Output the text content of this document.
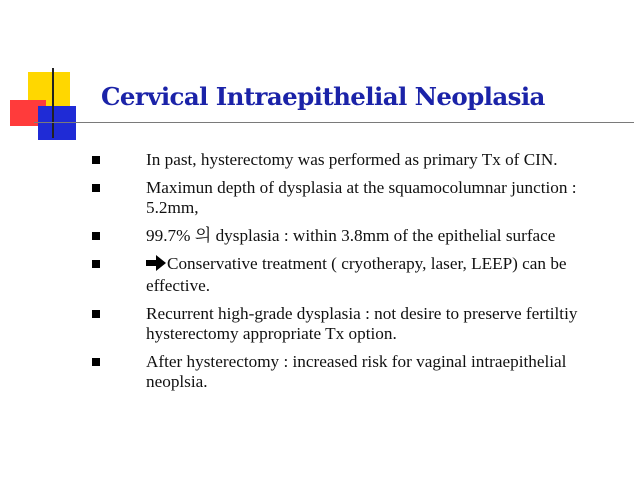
Cervical Intraepithelial Neoplasia
In past, hysterectomy was performed as primary Tx of CIN.
Maximun depth of dysplasia at the squamocolumnar junction : 5.2mm,
99.7% 의 dysplasia : within 3.8mm of the epithelial surface
Conservative treatment ( cryotherapy, laser, LEEP) can be effective.
Recurrent high-grade dysplasia : not desire to preserve fertiltiy hysterectomy appropriate Tx option.
After hysterectomy : increased risk for vaginal intraepithelial neoplsia.
